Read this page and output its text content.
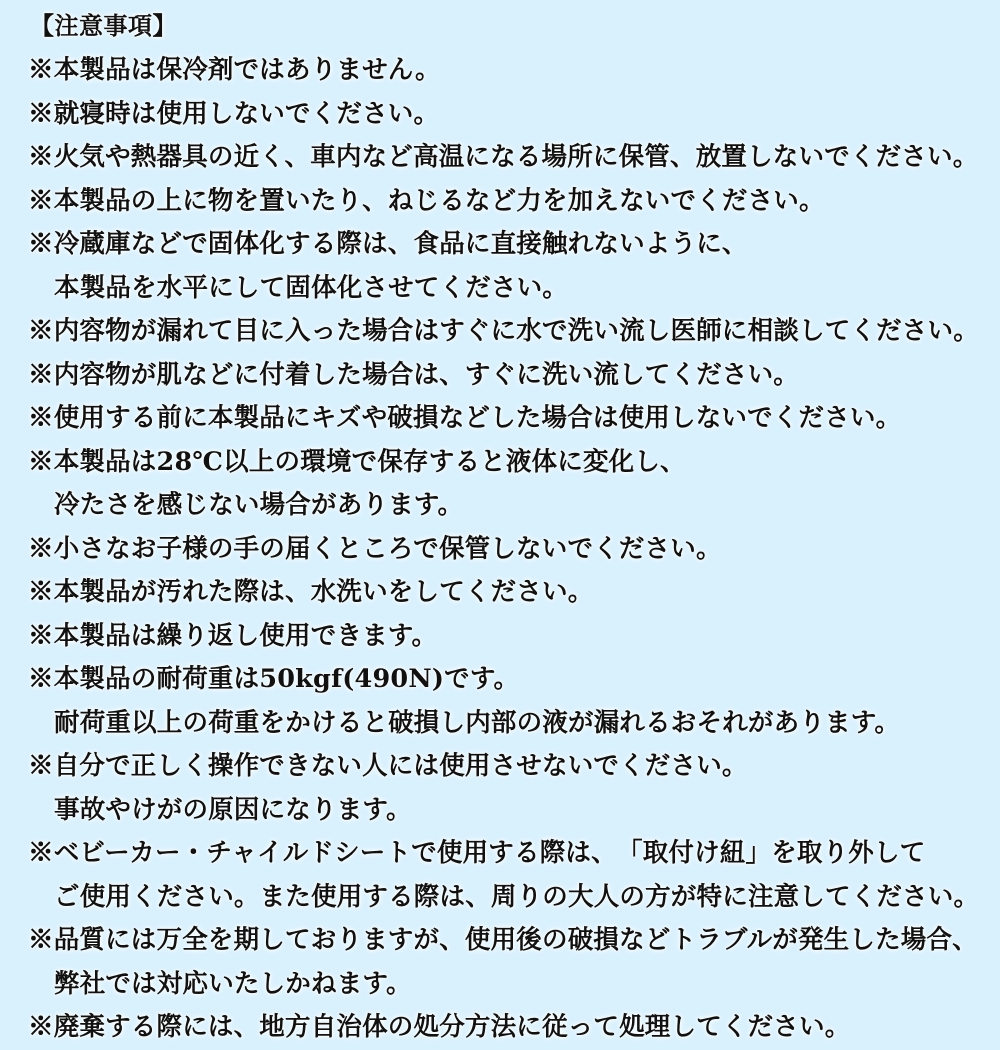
【注意事項】
※本製品は保冷剤ではありません。
※就寝時は使用しないでください。
※火気や熱器具の近く、車内など高温になる場所に保管、放置しないでください。
※本製品の上に物を置いたり、ねじるなど力を加えないでください。
※冷蔵庫などで固体化する際は、食品に直接触れないように、
本製品を水平にして固体化させてください。
※内容物が漏れて目に入った場合はすぐに水で洗い流し医師に相談してください。
※内容物が肌などに付着した場合は、すぐに洗い流してください。
※使用する前に本製品にキズや破損などした場合は使用しないでください。
※本製品は28℃以上の環境で保存すると液体に変化し、
冷たさを感じない場合があります。
※小さなお子様の手の届くところで保管しないでください。
※本製品が汚れた際は、水洗いをしてください。
※本製品は繰り返し使用できます。
※本製品の耐荷重は50kgf(490N)です。
耐荷重以上の荷重をかけると破損し内部の液が漏れるおそれがあります。
※自分で正しく操作できない人には使用させないでください。
事故やけがの原因になります。
※ベビーカー・チャイルドシートで使用する際は、　「取付け紐」を取り外して
ご使用ください。また使用する際は、周りの大人の方が特に注意してください。
※品質には万全を期しておりますが、使用後の破損などトラブルが発生した場合、
弊社では対応いたしかねます。
※廃棄する際には、地方自治体の処分方法に従って処理してください。
